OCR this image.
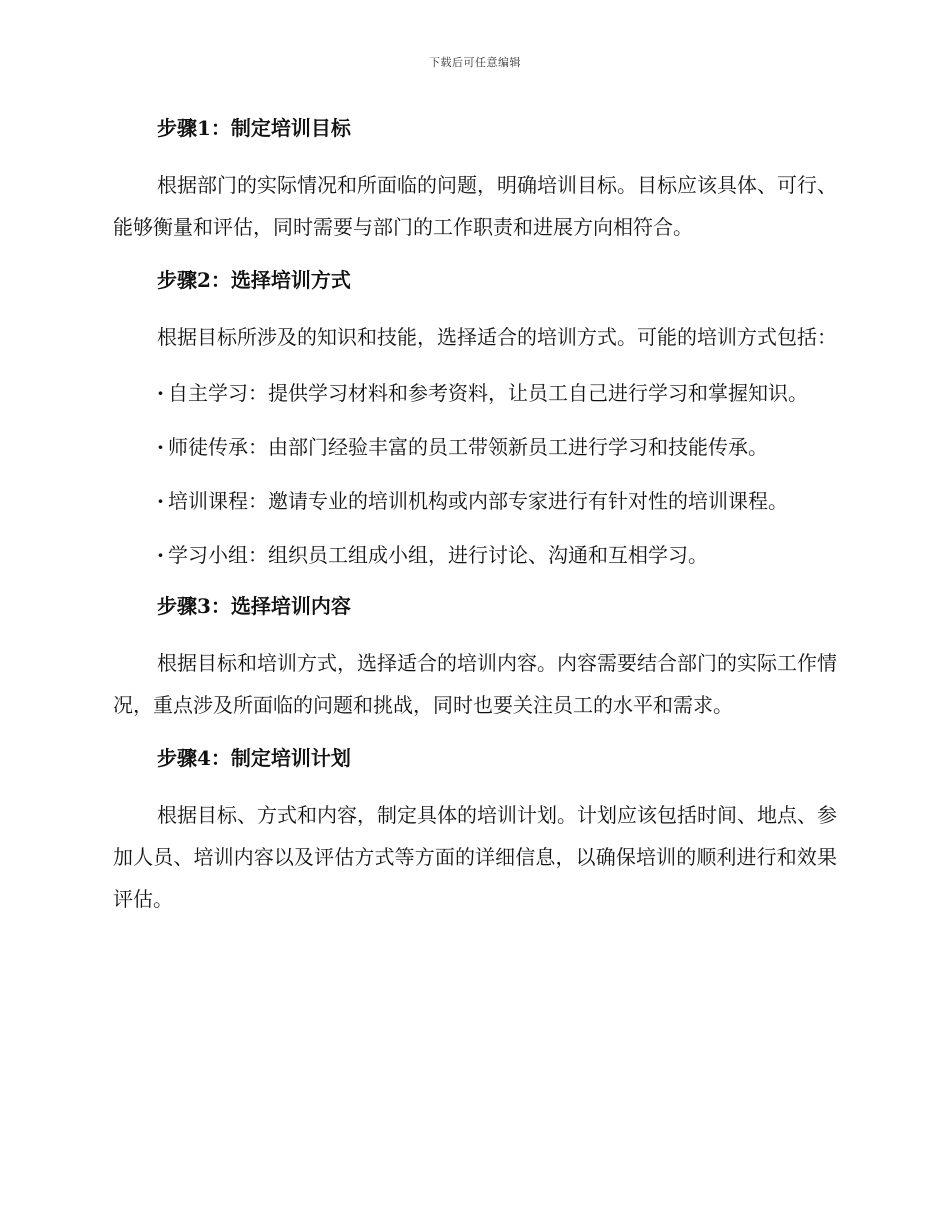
下载后可任意编辑

步骤1：制定培训目标

根据部门的实际情况和所面临的问题，明确培训目标。目标应该具体、可行、能够衡量和评估，同时需要与部门的工作职责和进展方向相符合。

步骤2：选择培训方式

根据目标所涉及的知识和技能，选择适合的培训方式。可能的培训方式包括：

· 自主学习：提供学习材料和参考资料，让员工自己进行学习和掌握知识。

· 师徒传承：由部门经验丰富的员工带领新员工进行学习和技能传承。

· 培训课程：邀请专业的培训机构或内部专家进行有针对性的培训课程。

· 学习小组：组织员工组成小组，进行讨论、沟通和互相学习。

步骤3：选择培训内容

根据目标和培训方式，选择适合的培训内容。内容需要结合部门的实际工作情况，重点涉及所面临的问题和挑战，同时也要关注员工的水平和需求。

步骤4：制定培训计划

根据目标、方式和内容，制定具体的培训计划。计划应该包括时间、地点、参加人员、培训内容以及评估方式等方面的详细信息，以确保培训的顺利进行和效果评估。
